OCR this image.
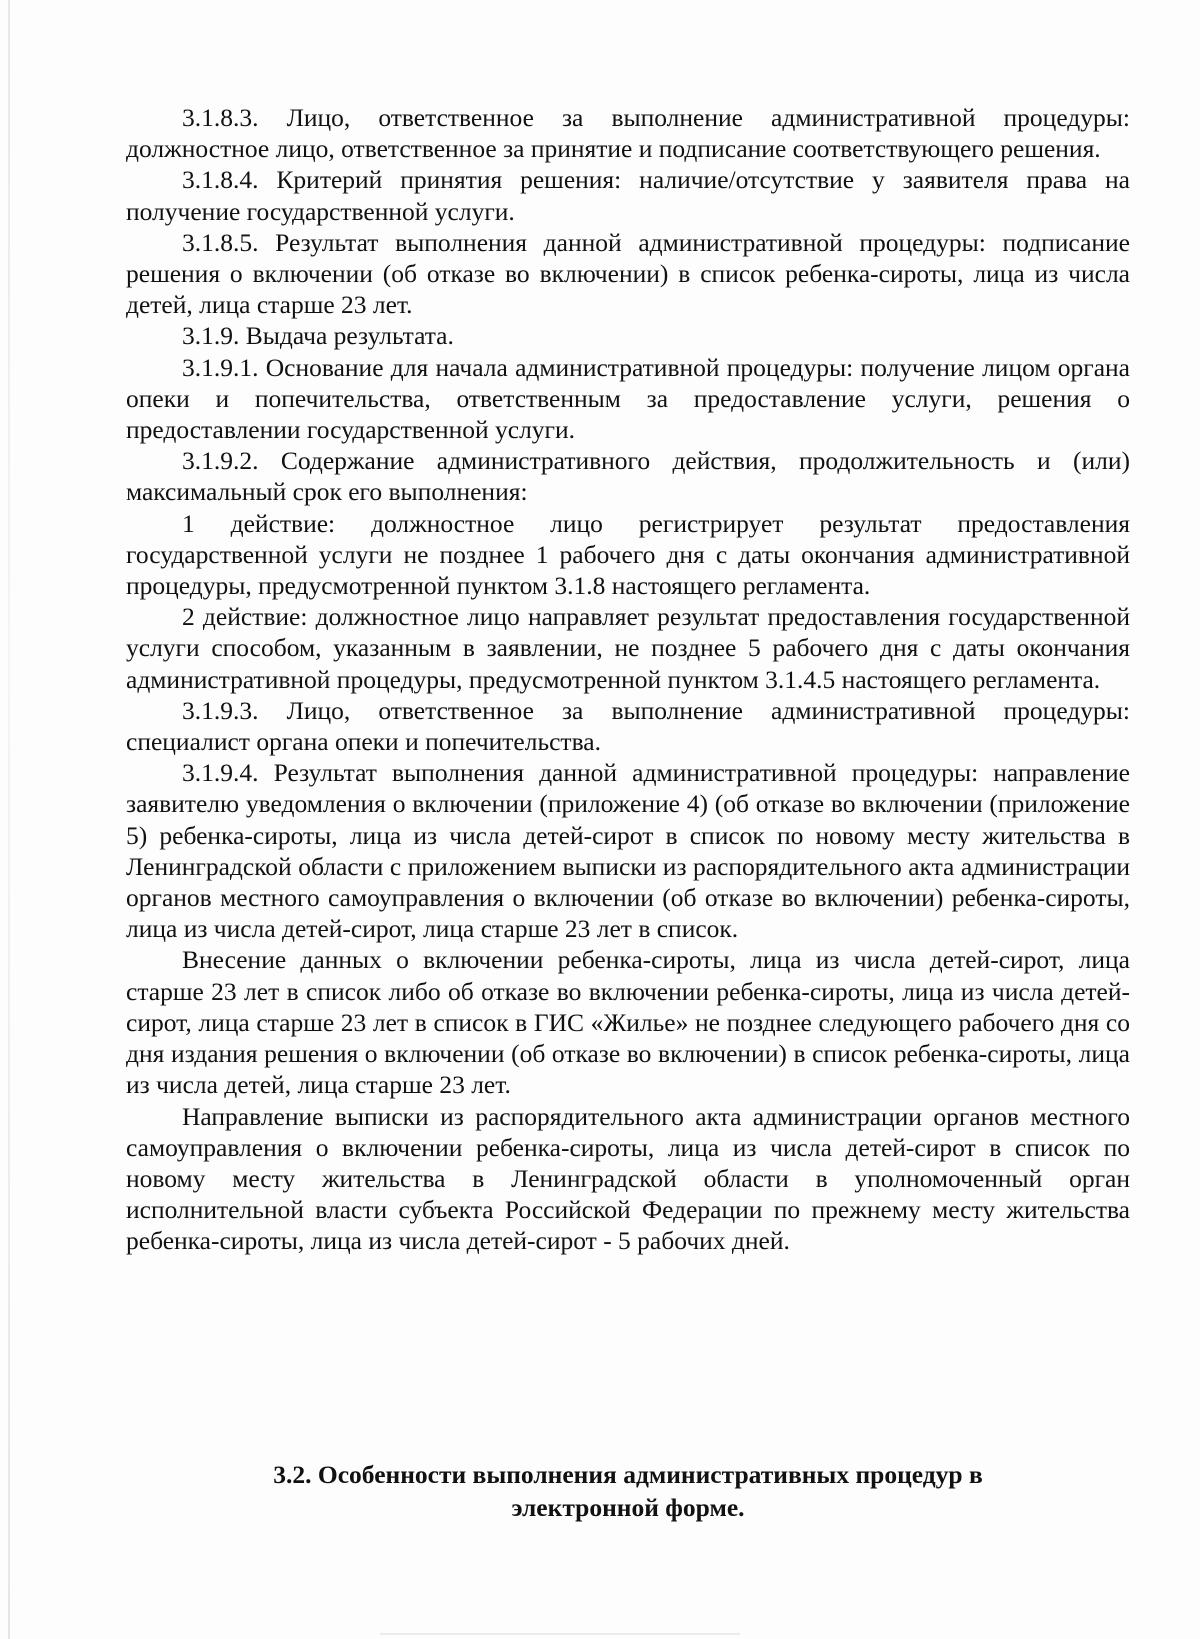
3.1.8.3. Лицо, ответственное за выполнение административной процедуры: должностное лицо, ответственное за принятие и подписание соответствующего решения.

3.1.8.4. Критерий принятия решения: наличие/отсутствие у заявителя права на получение государственной услуги.

3.1.8.5. Результат выполнения данной административной процедуры: подписание решения о включении (об отказе во включении) в список ребенка-сироты, лица из числа детей, лица старше 23 лет.

3.1.9. Выдача результата.

3.1.9.1. Основание для начала административной процедуры: получение лицом органа опеки и попечительства, ответственным за предоставление услуги, решения о предоставлении государственной услуги.

3.1.9.2. Содержание административного действия, продолжительность и (или) максимальный срок его выполнения:

1 действие: должностное лицо регистрирует результат предоставления государственной услуги не позднее 1 рабочего дня с даты окончания административной процедуры, предусмотренной пунктом 3.1.8 настоящего регламента.

2 действие: должностное лицо направляет результат предоставления государственной услуги способом, указанным в заявлении, не позднее 5 рабочего дня с даты окончания административной процедуры, предусмотренной пунктом 3.1.4.5 настоящего регламента.

3.1.9.3. Лицо, ответственное за выполнение административной процедуры: специалист органа опеки и попечительства.

3.1.9.4. Результат выполнения данной административной процедуры: направление заявителю уведомления о включении (приложение 4) (об отказе во включении (приложение 5) ребенка-сироты, лица из числа детей-сирот в список по новому месту жительства в Ленинградской области с приложением выписки из распорядительного акта администрации органов местного самоуправления о включении (об отказе во включении) ребенка-сироты, лица из числа детей-сирот, лица старше 23 лет в список.

Внесение данных о включении ребенка-сироты, лица из числа детей-сирот, лица старше 23 лет в список либо об отказе во включении ребенка-сироты, лица из числа детей-сирот, лица старше 23 лет в список в ГИС «Жилье» не позднее следующего рабочего дня со дня издания решения о включении (об отказе во включении) в список ребенка-сироты, лица из числа детей, лица старше 23 лет.

Направление выписки из распорядительного акта администрации органов местного самоуправления о включении ребенка-сироты, лица из числа детей-сирот в список по новому месту жительства в Ленинградской области в уполномоченный орган исполнительной власти субъекта Российской Федерации по прежнему месту жительства ребенка-сироты, лица из числа детей-сирот - 5 рабочих дней.

3.2. Особенности выполнения административных процедур в
электронной форме.
